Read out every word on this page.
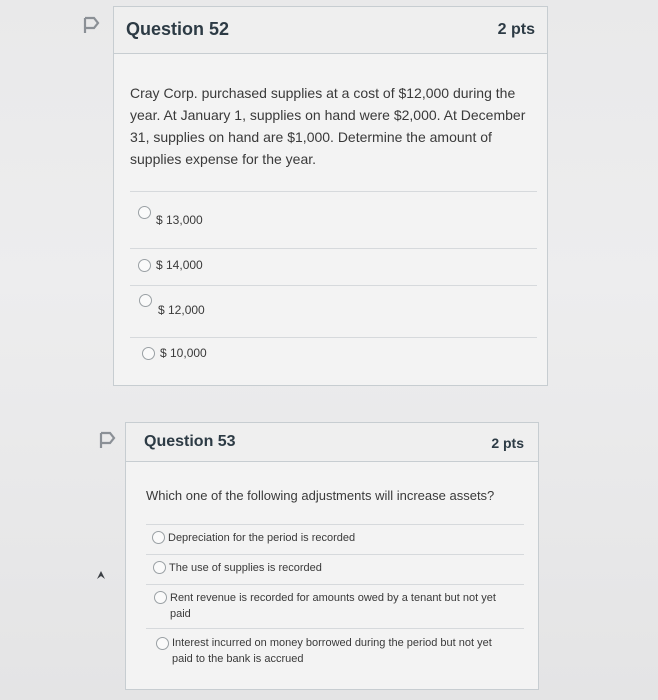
Question 52	2 pts
Cray Corp. purchased supplies at a cost of $12,000 during the year. At January 1, supplies on hand were $2,000. At December 31, supplies on hand are $1,000. Determine the amount of supplies expense for the year.
$ 13,000
$ 14,000
$ 12,000
$ 10,000
Question 53	2 pts
Which one of the following adjustments will increase assets?
Depreciation for the period is recorded
The use of supplies is recorded
Rent revenue is recorded for amounts owed by a tenant but not yet paid
Interest incurred on money borrowed during the period but not yet paid to the bank is accrued
